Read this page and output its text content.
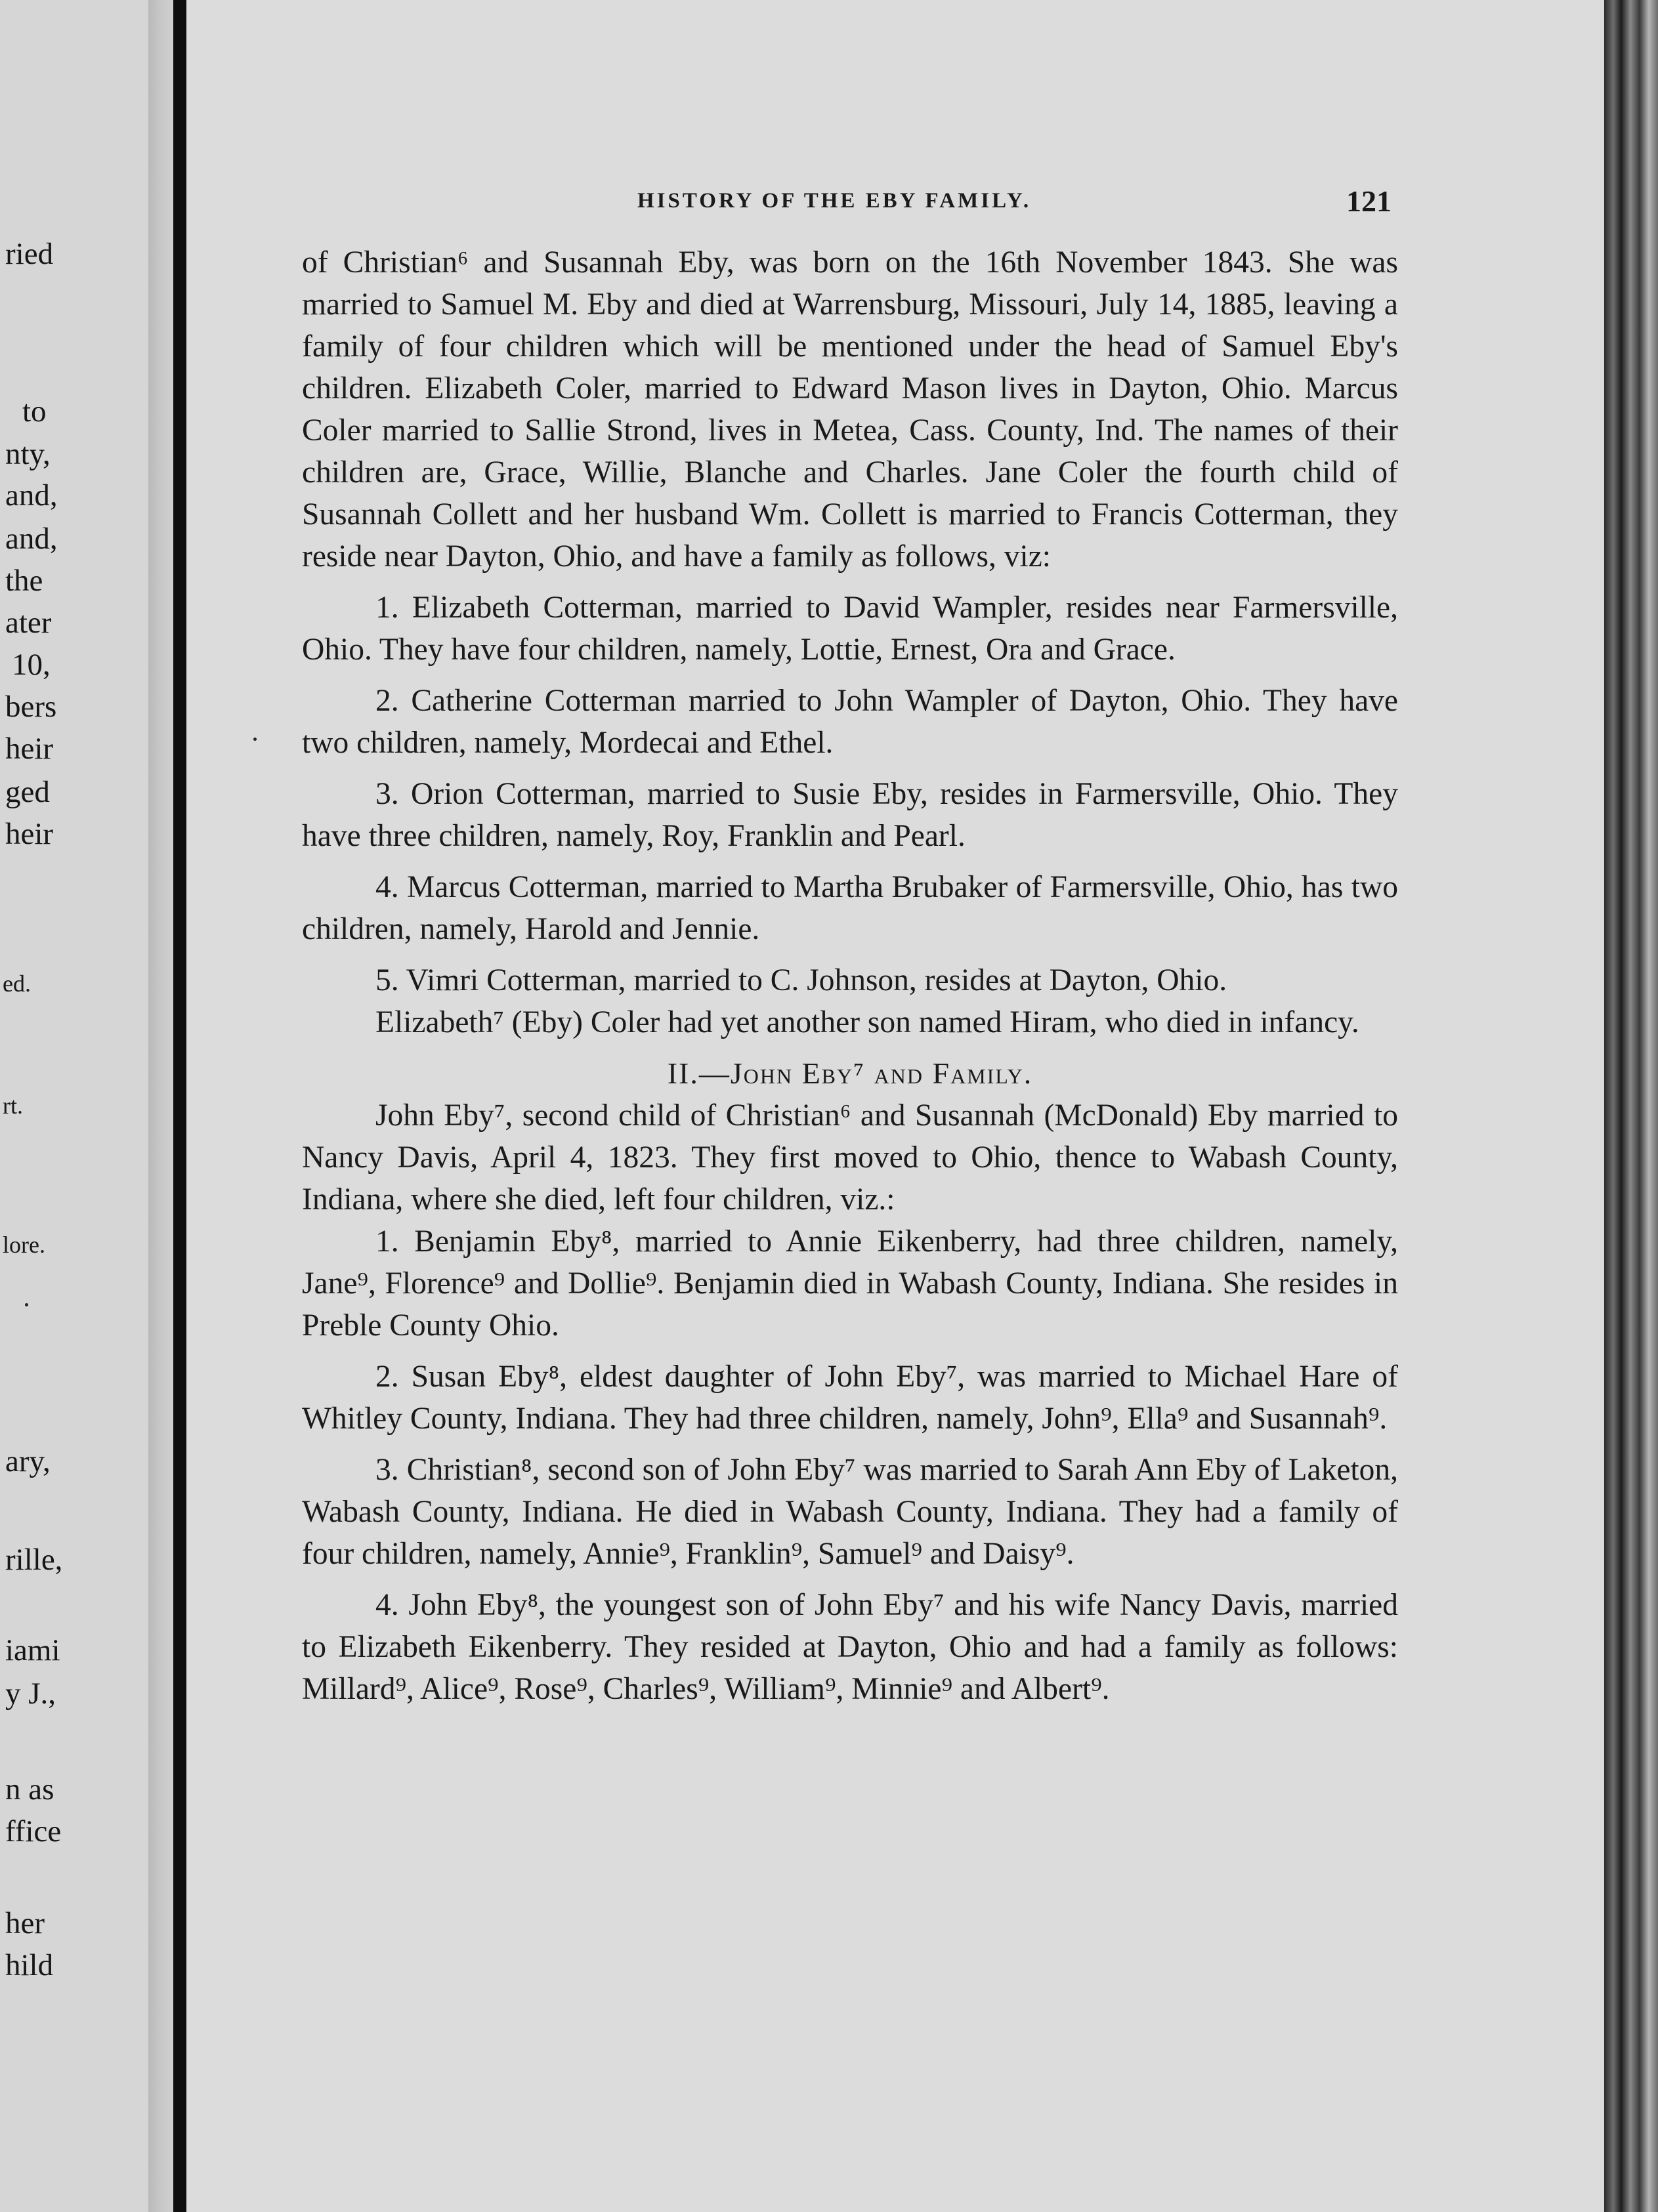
ried
to
nty,
and,
and,
the
ater
10,
bers
heir
ged
heir
ed.
rt.
lore.
ary,
rille,
iami
y J.,
n as
ffice
her
hild
HISTORY OF THE EBY FAMILY.	121

of Christian⁶ and Susannah Eby, was born on the 16th November 1843. She was married to Samuel M. Eby and died at Warrensburg, Missouri, July 14, 1885, leaving a family of four children which will be mentioned under the head of Samuel Eby's children. Elizabeth Coler, married to Edward Mason lives in Dayton, Ohio. Marcus Coler married to Sallie Strond, lives in Metea, Cass. County, Ind. The names of their children are, Grace, Willie, Blanche and Charles. Jane Coler the fourth child of Susannah Collett and her husband Wm. Collett is married to Francis Cotterman, they reside near Dayton, Ohio, and have a family as follows, viz:

1. Elizabeth Cotterman, married to David Wampler, resides near Farmersville, Ohio. They have four children, namely, Lottie, Ernest, Ora and Grace.

2. Catherine Cotterman married to John Wampler of Dayton, Ohio. They have two children, namely, Mordecai and Ethel.

3. Orion Cotterman, married to Susie Eby, resides in Farmersville, Ohio. They have three children, namely, Roy, Franklin and Pearl.

4. Marcus Cotterman, married to Martha Brubaker of Farmersville, Ohio, has two children, namely, Harold and Jennie.

5. Vimri Cotterman, married to C. Johnson, resides at Dayton, Ohio.

Elizabeth⁷ (Eby) Coler had yet another son named Hiram, who died in infancy.

II.—John Eby⁷ and Family.

John Eby⁷, second child of Christian⁶ and Susannah (McDonald) Eby married to Nancy Davis, April 4, 1823. They first moved to Ohio, thence to Wabash County, Indiana, where she died, left four children, viz.:

1. Benjamin Eby⁸, married to Annie Eikenberry, had three children, namely, Jane⁹, Florence⁹ and Dollie⁹. Benjamin died in Wabash County, Indiana. She resides in Preble County Ohio.

2. Susan Eby⁸, eldest daughter of John Eby⁷, was married to Michael Hare of Whitley County, Indiana. They had three children, namely, John⁹, Ella⁹ and Susannah⁹.

3. Christian⁸, second son of John Eby⁷ was married to Sarah Ann Eby of Laketon, Wabash County, Indiana. He died in Wabash County, Indiana. They had a family of four children, namely, Annie⁹, Franklin⁹, Samuel⁹ and Daisy⁹.

4. John Eby⁸, the youngest son of John Eby⁷ and his wife Nancy Davis, married to Elizabeth Eikenberry. They resided at Dayton, Ohio and had a family as follows: Millard⁹, Alice⁹, Rose⁹, Charles⁹, William⁹, Minnie⁹ and Albert⁹.
